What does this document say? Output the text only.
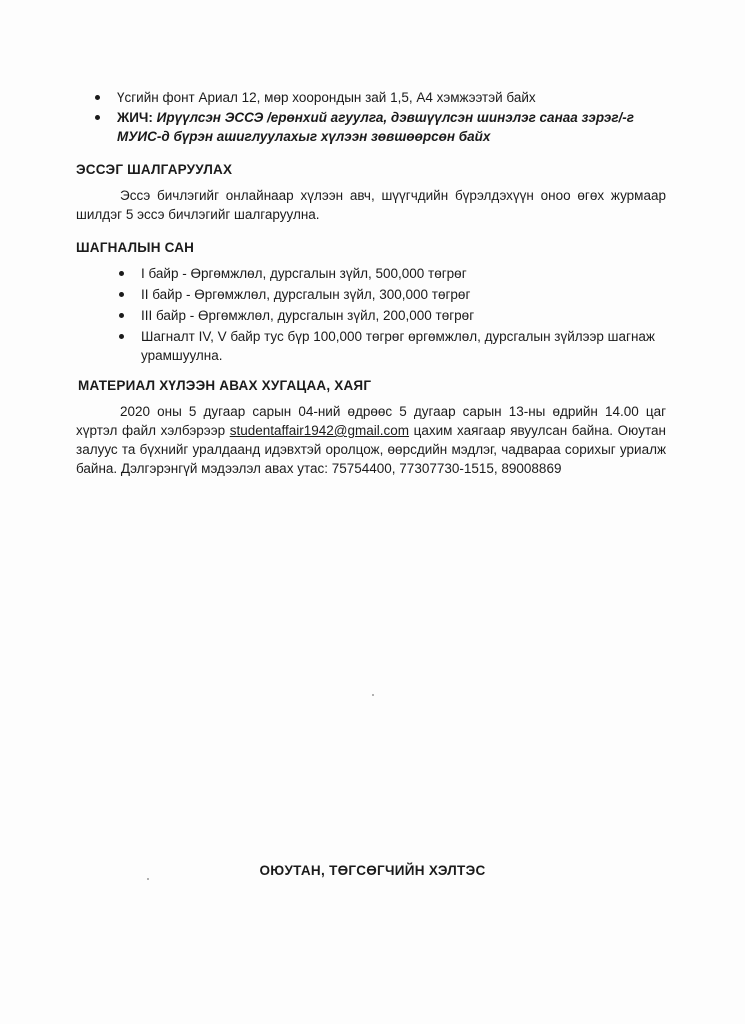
Үсгийн фонт Ариал 12, мөр хоорондын зай 1,5, А4 хэмжээтэй байх
ЖИЧ: Ирүүлсэн ЭССЭ /ерөнхий агуулга, дэвшүүлсэн шинэлэг санаа зэрэг/-г МУИС-д бүрэн ашиглуулахыг хүлээн зөвшөөрсөн байх
ЭССЭГ ШАЛГАРУУЛАХ
Эссэ бичлэгийг онлайнаар хүлээн авч, шүүгчдийн бүрэлдэхүүн оноо өгөх журмаар шилдэг 5 эссэ бичлэгийг шалгаруулна.
ШАГНАЛЫН САН
I байр - Өргөмжлөл, дурсгалын зүйл, 500,000 төгрөг
II байр - Өргөмжлөл, дурсгалын зүйл, 300,000 төгрөг
III байр - Өргөмжлөл, дурсгалын зүйл, 200,000 төгрөг
Шагналт IV, V байр тус бүр 100,000 төгрөг өргөмжлөл, дурсгалын зүйлээр шагнаж урамшуулна.
МАТЕРИАЛ ХҮЛЭЭН АВАХ ХУГАЦАА, ХАЯГ
2020 оны 5 дугаар сарын 04-ний өдрөөс 5 дугаар сарын 13-ны өдрийн 14.00 цаг хүртэл файл хэлбэрээр studentaffair1942@gmail.com цахим хаягаар явуулсан байна. Оюутан залуус та бүхнийг уралдаанд идэвхтэй оролцож, өөрсдийн мэдлэг, чадвараа сорихыг уриалж байна. Дэлгэрэнгүй мэдээлэл авах утас: 75754400, 77307730-1515, 89008869
ОЮУТАН, ТӨГСӨГЧИЙН ХЭЛТЭС
